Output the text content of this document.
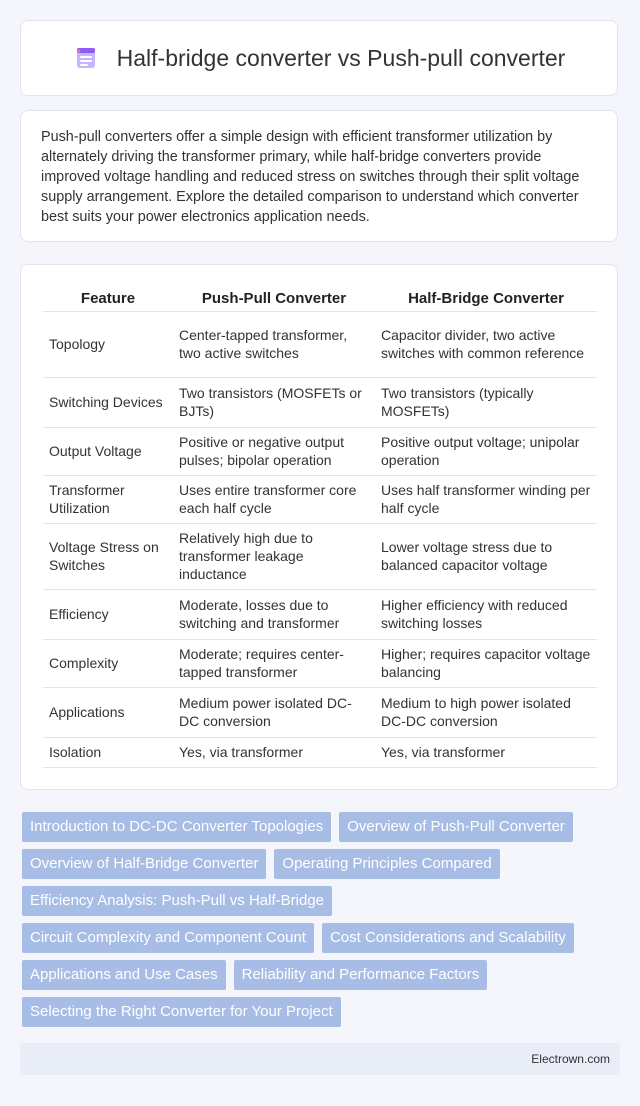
Half-bridge converter vs Push-pull converter

Push-pull converters offer a simple design with efficient transformer utilization by alternately driving the transformer primary, while half-bridge converters provide improved voltage handling and reduced stress on switches through their split voltage supply arrangement. Explore the detailed comparison to understand which converter best suits your power electronics application needs.

Feature	Push-Pull Converter	Half-Bridge Converter
Topology	Center-tapped transformer, two active switches	Capacitor divider, two active switches with common reference
Switching Devices	Two transistors (MOSFETs or BJTs)	Two transistors (typically MOSFETs)
Output Voltage	Positive or negative output pulses; bipolar operation	Positive output voltage; unipolar operation
Transformer Utilization	Uses entire transformer core each half cycle	Uses half transformer winding per half cycle
Voltage Stress on Switches	Relatively high due to transformer leakage inductance	Lower voltage stress due to balanced capacitor voltage
Efficiency	Moderate, losses due to switching and transformer	Higher efficiency with reduced switching losses
Complexity	Moderate; requires center-tapped transformer	Higher; requires capacitor voltage balancing
Applications	Medium power isolated DC-DC conversion	Medium to high power isolated DC-DC conversion
Isolation	Yes, via transformer	Yes, via transformer
Introduction to DC-DC Converter Topologies	Overview of Push-Pull Converter
Overview of Half-Bridge Converter	Operating Principles Compared
Efficiency Analysis: Push-Pull vs Half-Bridge
Circuit Complexity and Component Count	Cost Considerations and Scalability
Applications and Use Cases	Reliability and Performance Factors
Selecting the Right Converter for Your Project
Electrown.com
